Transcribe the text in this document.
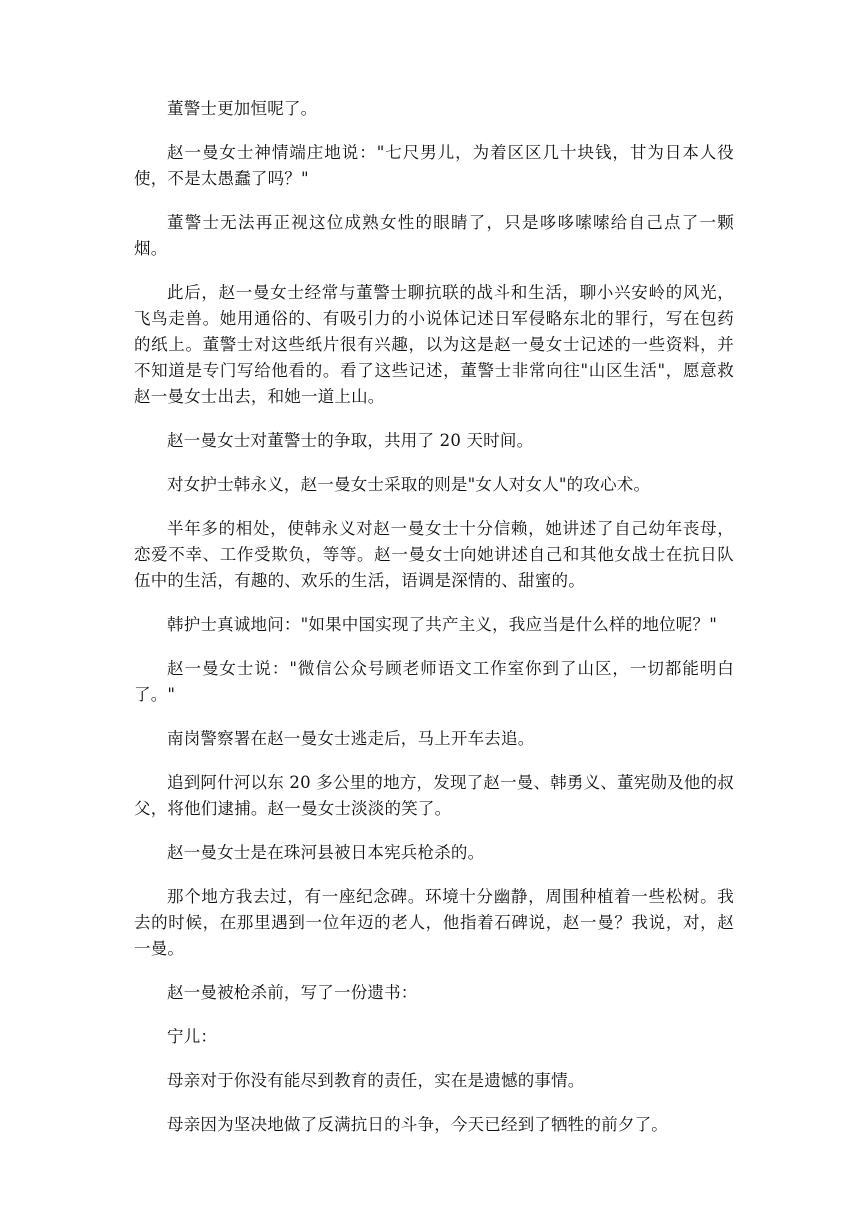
董警士更加恒呢了。

赵一曼女士神情端庄地说："七尺男儿，为着区区几十块钱，甘为日本人役使，不是太愚蠢了吗？"

董警士无法再正视这位成熟女性的眼睛了，只是哆哆嗦嗦给自己点了一颗烟。

此后，赵一曼女士经常与董警士聊抗联的战斗和生活，聊小兴安岭的风光，飞鸟走兽。她用通俗的、有吸引力的小说体记述日军侵略东北的罪行，写在包药的纸上。董警士对这些纸片很有兴趣，以为这是赵一曼女士记述的一些资料，并不知道是专门写给他看的。看了这些记述，董警士非常向往"山区生活"，愿意救赵一曼女士出去，和她一道上山。

赵一曼女士对董警士的争取，共用了 20 天时间。

对女护士韩永义，赵一曼女士采取的则是"女人对女人"的攻心术。

半年多的相处，使韩永义对赵一曼女士十分信赖，她讲述了自己幼年丧母，恋爱不幸、工作受欺负，等等。赵一曼女士向她讲述自己和其他女战士在抗日队伍中的生活，有趣的、欢乐的生活，语调是深情的、甜蜜的。

韩护士真诚地问："如果中国实现了共产主义，我应当是什么样的地位呢？"

赵一曼女士说："微信公众号顾老师语文工作室你到了山区，一切都能明白了。"

南岗警察署在赵一曼女士逃走后，马上开车去追。

追到阿什河以东 20 多公里的地方，发现了赵一曼、韩勇义、董宪勋及他的叔父，将他们逮捕。赵一曼女士淡淡的笑了。

赵一曼女士是在珠河县被日本宪兵枪杀的。

那个地方我去过，有一座纪念碑。环境十分幽静，周围种植着一些松树。我去的时候，在那里遇到一位年迈的老人，他指着石碑说，赵一曼？我说，对，赵一曼。

赵一曼被枪杀前，写了一份遗书：

宁儿：

母亲对于你没有能尽到教育的责任，实在是遗憾的事情。

母亲因为坚决地做了反满抗日的斗争，今天已经到了牺牲的前夕了。
